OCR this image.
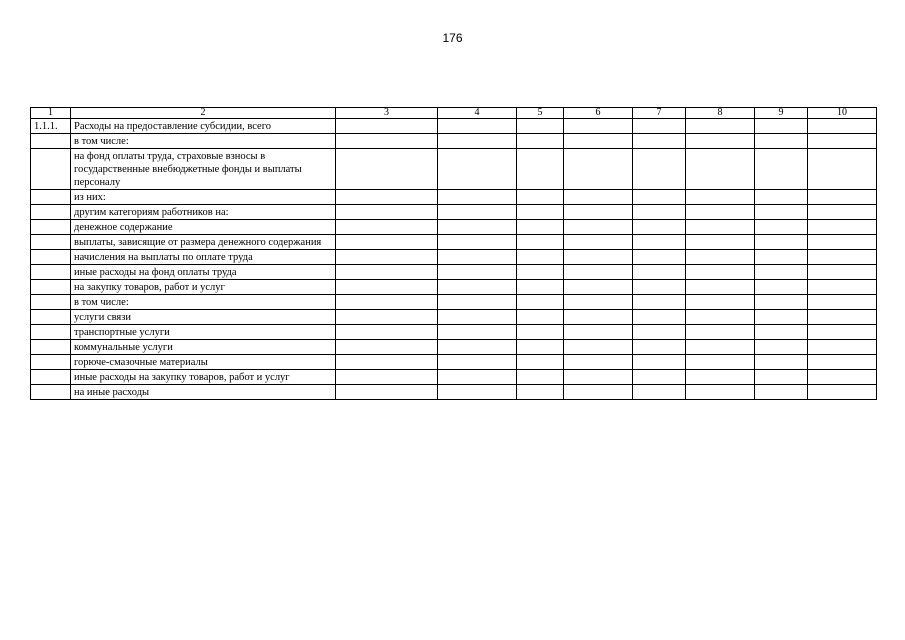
176
1	2	3	4	5	6	7	8	9	10
1.1.1.	Расходы на предоставление субсидии, всего								
	в том числе:								
	на фонд оплаты труда, страховые взносы в государственные внебюджетные фонды и выплаты персоналу								
	из них:								
	другим категориям работников на:								
	денежное содержание								
	выплаты, зависящие от размера денежного содержания								
	начисления на выплаты по оплате труда								
	иные расходы на фонд оплаты труда								
	на закупку товаров, работ и услуг								
	в том числе:								
	услуги связи								
	транспортные услуги								
	коммунальные услуги								
	горюче-смазочные материалы								
	иные расходы на закупку товаров, работ и услуг								
	на иные расходы								
